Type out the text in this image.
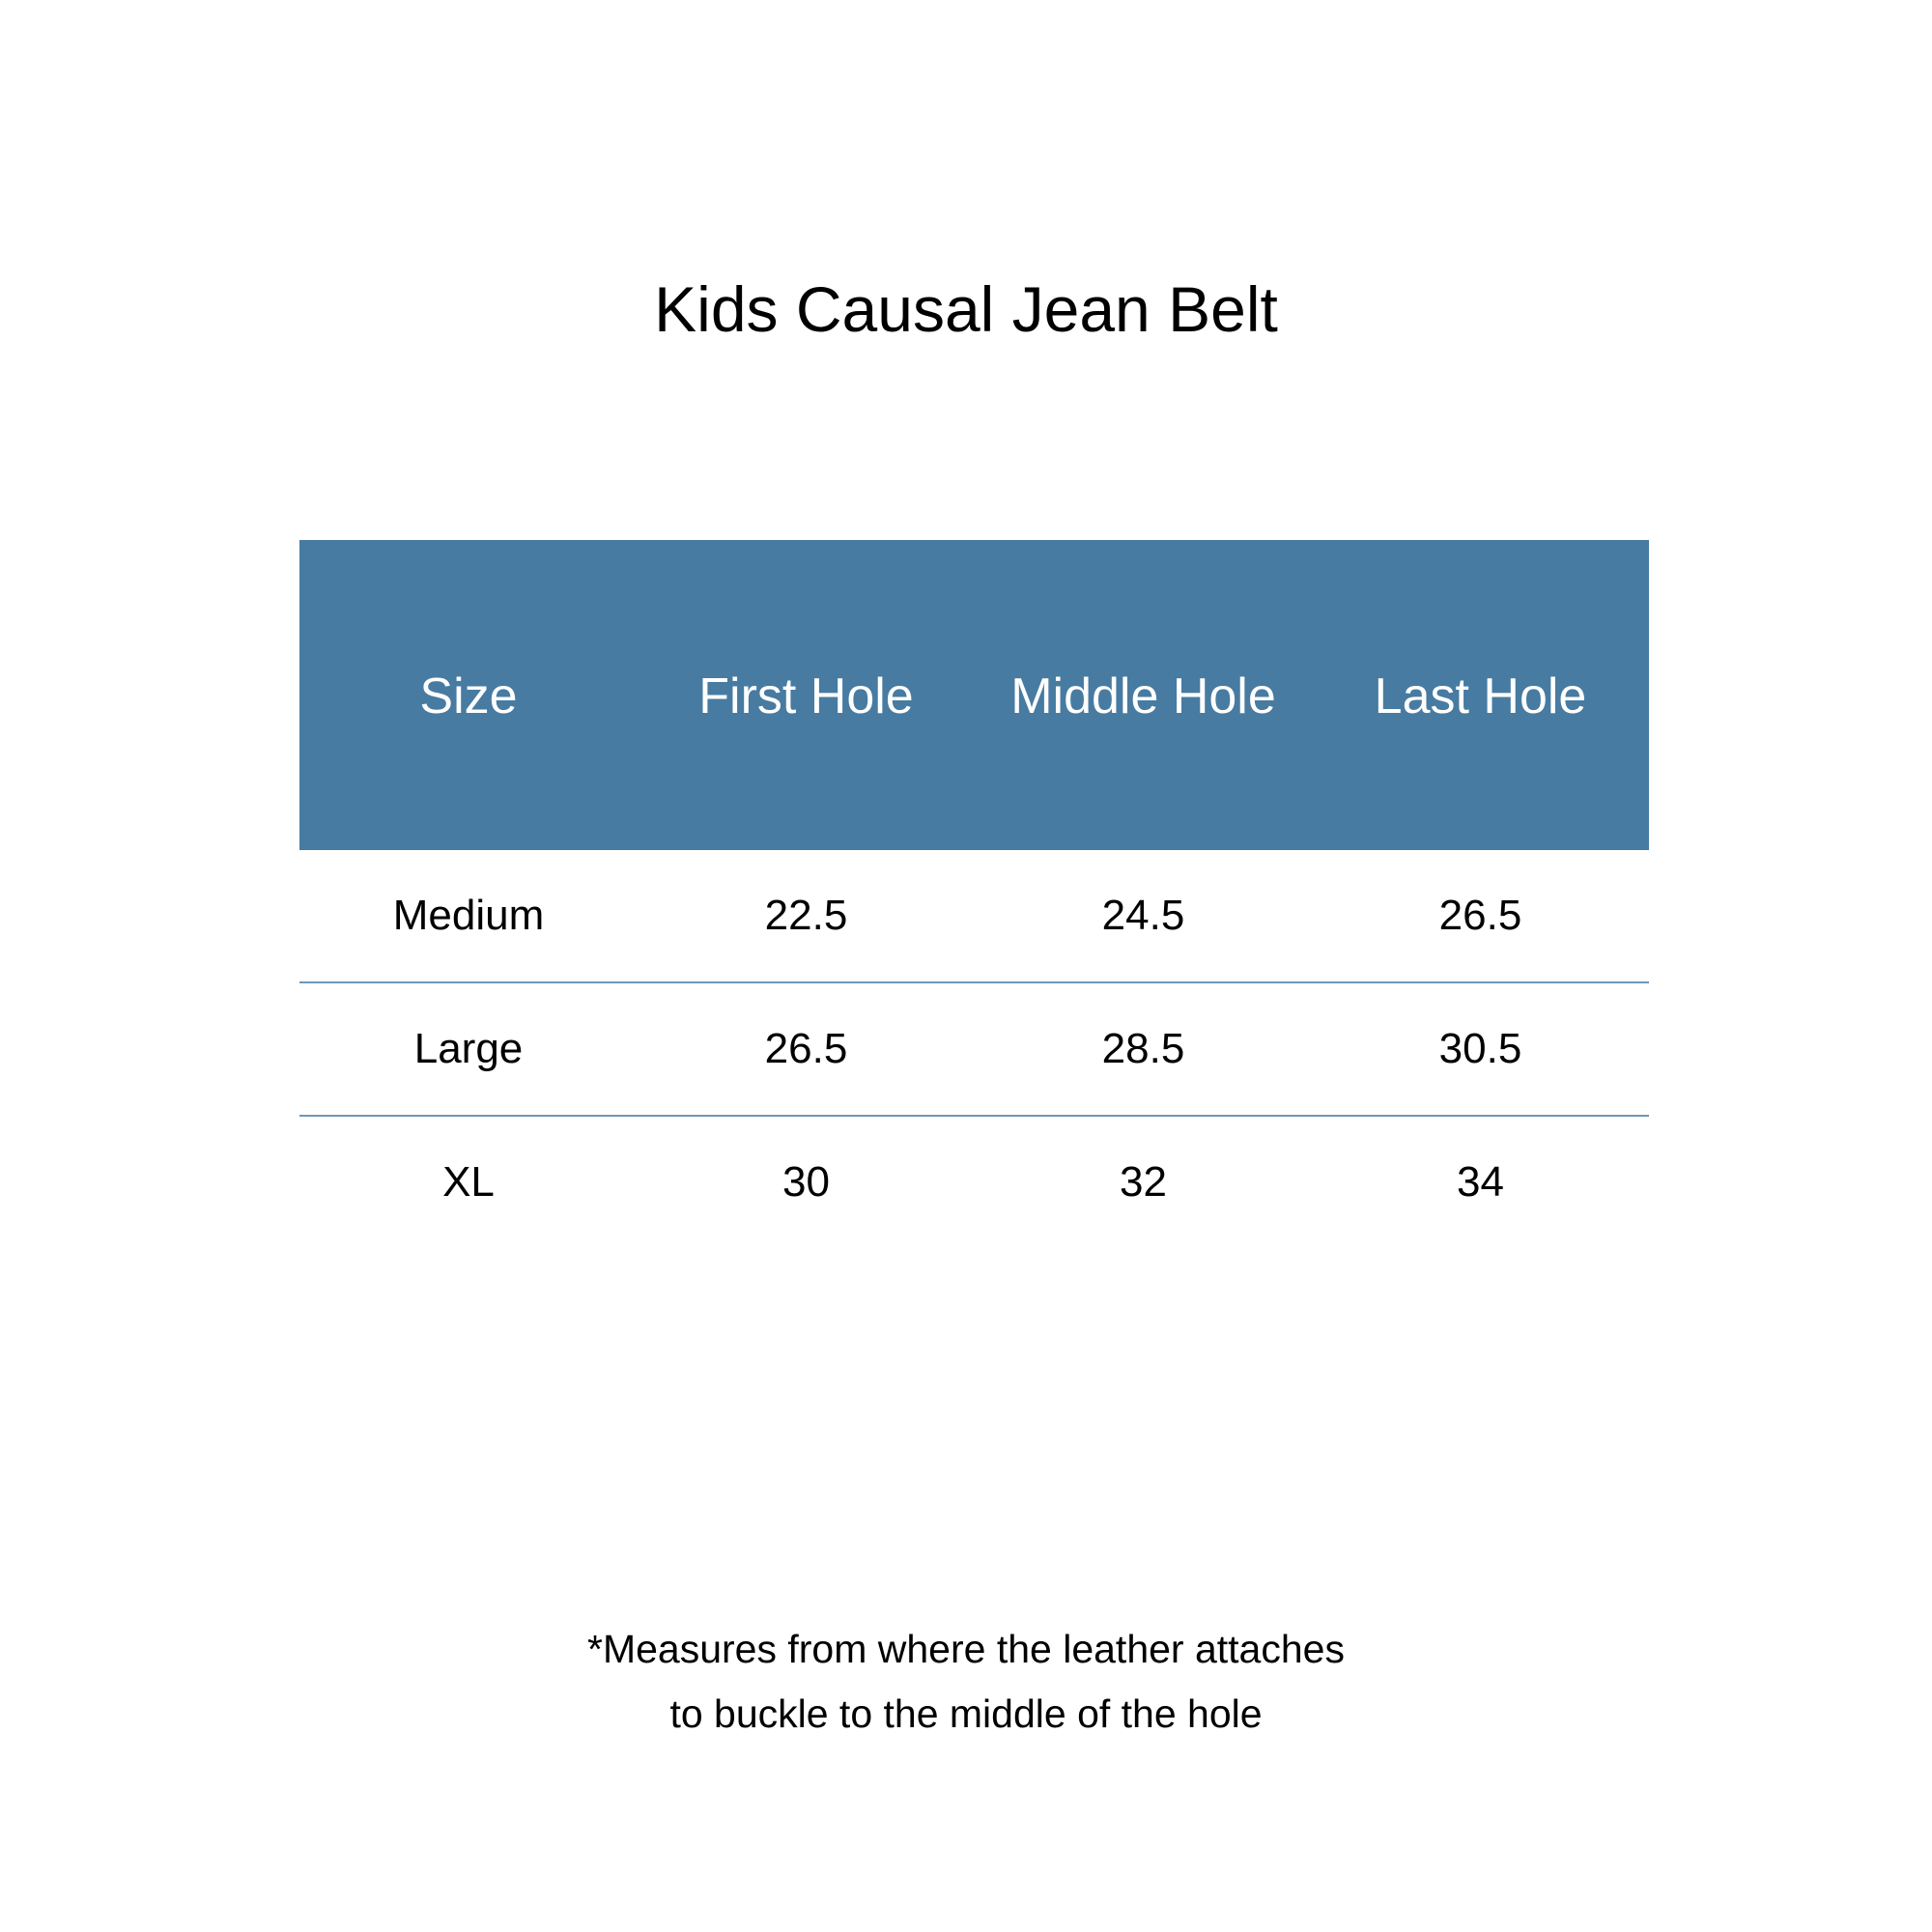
Kids Causal Jean Belt
Size	First Hole	Middle Hole	Last Hole
Medium	22.5	24.5	26.5
Large	26.5	28.5	30.5
XL	30	32	34
*Measures from where the leather attaches
to buckle to the middle of the hole
